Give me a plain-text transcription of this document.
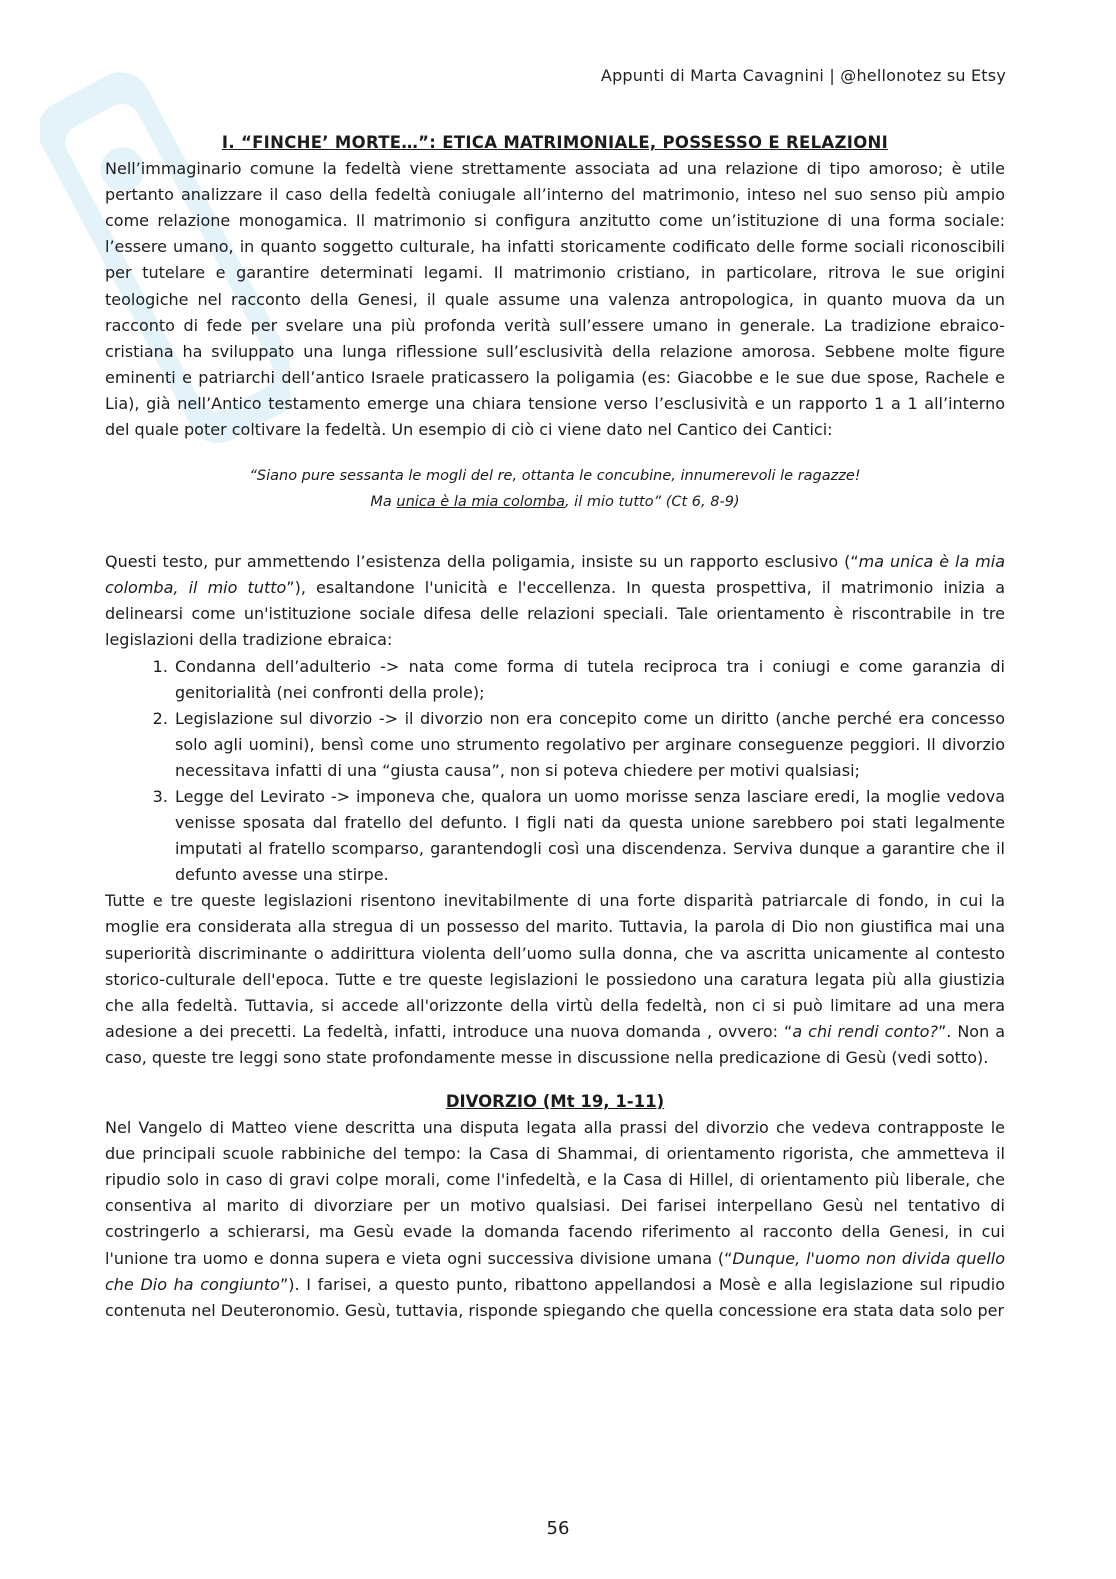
Appunti di Marta Cavagnini | @hellonotez su Etsy
I. “FINCHE’ MORTE…”: ETICA MATRIMONIALE, POSSESSO E RELAZIONI

Nell’immaginario comune la fedeltà viene strettamente associata ad una relazione di tipo amoroso; è utile pertanto analizzare il caso della fedeltà coniugale all’interno del matrimonio, inteso nel suo senso più ampio come relazione monogamica. Il matrimonio si configura anzitutto come un’istituzione di una forma sociale: l’essere umano, in quanto soggetto culturale, ha infatti storicamente codificato delle forme sociali riconoscibili per tutelare e garantire determinati legami. Il matrimonio cristiano, in particolare, ritrova le sue origini teologiche nel racconto della Genesi, il quale assume una valenza antropologica, in quanto muova da un racconto di fede per svelare una più profonda verità sull’essere umano in generale. La tradizione ebraico-cristiana ha sviluppato una lunga riflessione sull’esclusività della relazione amorosa. Sebbene molte figure eminenti e patriarchi dell’antico Israele praticassero la poligamia (es: Giacobbe e le sue due spose, Rachele e Lia), già nell’Antico testamento emerge una chiara tensione verso l’esclusività e un rapporto 1 a 1 all’interno del quale poter coltivare la fedeltà. Un esempio di ciò ci viene dato nel Cantico dei Cantici:

“Siano pure sessanta le mogli del re, ottanta le concubine, innumerevoli le ragazze!
Ma unica è la mia colomba, il mio tutto” (Ct 6, 8-9)

Questi testo, pur ammettendo l’esistenza della poligamia, insiste su un rapporto esclusivo (“ma unica è la mia colomba, il mio tutto”), esaltandone l'unicità e l'eccellenza. In questa prospettiva, il matrimonio inizia a delinearsi come un'istituzione sociale difesa delle relazioni speciali. Tale orientamento è riscontrabile in tre legislazioni della tradizione ebraica:

1. Condanna dell’adulterio -> nata come forma di tutela reciproca tra i coniugi e come garanzia di genitorialità (nei confronti della prole);
2. Legislazione sul divorzio -> il divorzio non era concepito come un diritto (anche perché era concesso solo agli uomini), bensì come uno strumento regolativo per arginare conseguenze peggiori. Il divorzio necessitava infatti di una “giusta causa”, non si poteva chiedere per motivi qualsiasi;
3. Legge del Levirato -> imponeva che, qualora un uomo morisse senza lasciare eredi, la moglie vedova venisse sposata dal fratello del defunto. I figli nati da questa unione sarebbero poi stati legalmente imputati al fratello scomparso, garantendogli così una discendenza. Serviva dunque a garantire che il defunto avesse una stirpe.

Tutte e tre queste legislazioni risentono inevitabilmente di una forte disparità patriarcale di fondo, in cui la moglie era considerata alla stregua di un possesso del marito. Tuttavia, la parola di Dio non giustifica mai una superiorità discriminante o addirittura violenta dell’uomo sulla donna, che va ascritta unicamente al contesto storico-culturale dell'epoca. Tutte e tre queste legislazioni le possiedono una caratura legata più alla giustizia che alla fedeltà. Tuttavia, si accede all'orizzonte della virtù della fedeltà, non ci si può limitare ad una mera adesione a dei precetti. La fedeltà, infatti, introduce una nuova domanda , ovvero: “a chi rendi conto?”. Non a caso, queste tre leggi sono state profondamente messe in discussione nella predicazione di Gesù (vedi sotto).

DIVORZIO (Mt 19, 1-11)

Nel Vangelo di Matteo viene descritta una disputa legata alla prassi del divorzio che vedeva contrapposte le due principali scuole rabbiniche del tempo: la Casa di Shammai, di orientamento rigorista, che ammetteva il ripudio solo in caso di gravi colpe morali, come l'infedeltà, e la Casa di Hillel, di orientamento più liberale, che consentiva al marito di divorziare per un motivo qualsiasi. Dei farisei interpellano Gesù nel tentativo di costringerlo a schierarsi, ma Gesù evade la domanda facendo riferimento al racconto della Genesi, in cui l'unione tra uomo e donna supera e vieta ogni successiva divisione umana (“Dunque, l'uomo non divida quello che Dio ha congiunto”). I farisei, a questo punto, ribattono appellandosi a Mosè e alla legislazione sul ripudio contenuta nel Deuteronomio. Gesù, tuttavia, risponde spiegando che quella concessione era stata data solo per

56
